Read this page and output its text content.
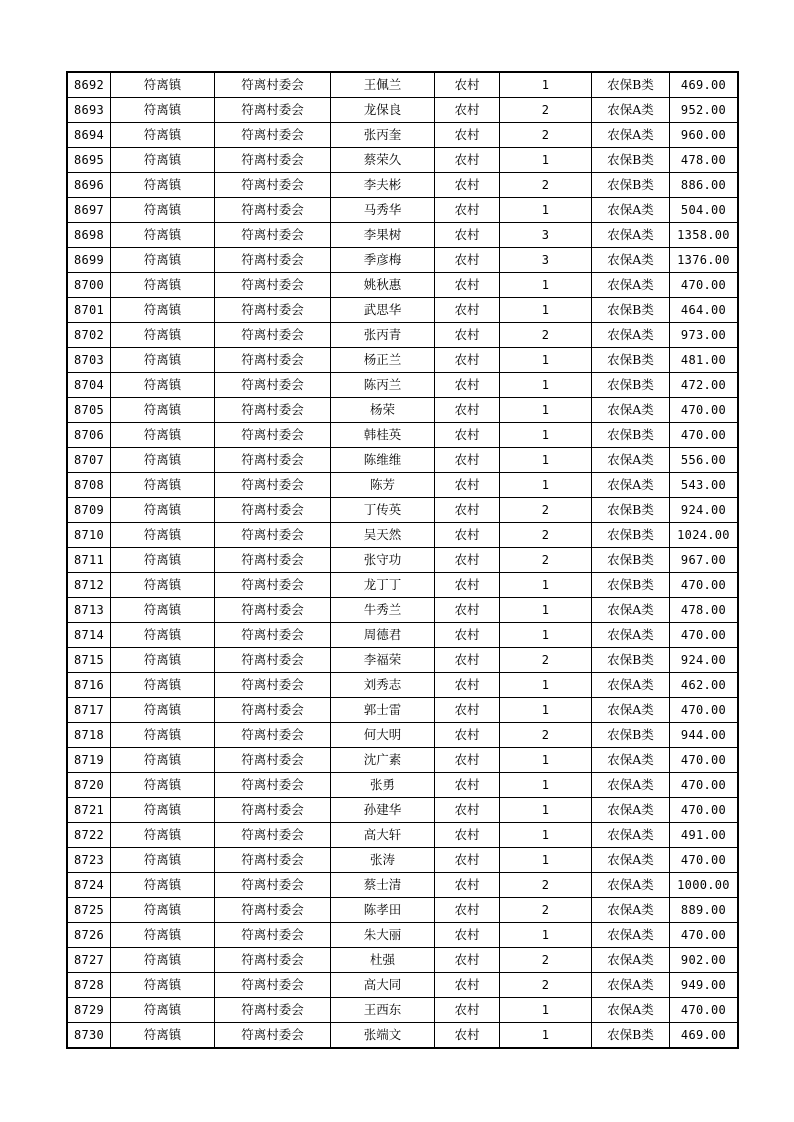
8692	符离镇	符离村委会	王佩兰	农村	1	农保B类	469.00
8693	符离镇	符离村委会	龙保良	农村	2	农保A类	952.00
8694	符离镇	符离村委会	张丙奎	农村	2	农保A类	960.00
8695	符离镇	符离村委会	蔡荣久	农村	1	农保B类	478.00
8696	符离镇	符离村委会	李夫彬	农村	2	农保B类	886.00
8697	符离镇	符离村委会	马秀华	农村	1	农保A类	504.00
8698	符离镇	符离村委会	李果树	农村	3	农保A类	1358.00
8699	符离镇	符离村委会	季彦梅	农村	3	农保A类	1376.00
8700	符离镇	符离村委会	姚秋惠	农村	1	农保A类	470.00
8701	符离镇	符离村委会	武思华	农村	1	农保B类	464.00
8702	符离镇	符离村委会	张丙青	农村	2	农保A类	973.00
8703	符离镇	符离村委会	杨正兰	农村	1	农保B类	481.00
8704	符离镇	符离村委会	陈丙兰	农村	1	农保B类	472.00
8705	符离镇	符离村委会	杨荣	农村	1	农保A类	470.00
8706	符离镇	符离村委会	韩桂英	农村	1	农保B类	470.00
8707	符离镇	符离村委会	陈维维	农村	1	农保A类	556.00
8708	符离镇	符离村委会	陈芳	农村	1	农保A类	543.00
8709	符离镇	符离村委会	丁传英	农村	2	农保B类	924.00
8710	符离镇	符离村委会	吴天然	农村	2	农保B类	1024.00
8711	符离镇	符离村委会	张守功	农村	2	农保B类	967.00
8712	符离镇	符离村委会	龙丁丁	农村	1	农保B类	470.00
8713	符离镇	符离村委会	牛秀兰	农村	1	农保A类	478.00
8714	符离镇	符离村委会	周德君	农村	1	农保A类	470.00
8715	符离镇	符离村委会	李福荣	农村	2	农保B类	924.00
8716	符离镇	符离村委会	刘秀志	农村	1	农保A类	462.00
8717	符离镇	符离村委会	郭士雷	农村	1	农保A类	470.00
8718	符离镇	符离村委会	何大明	农村	2	农保B类	944.00
8719	符离镇	符离村委会	沈广素	农村	1	农保A类	470.00
8720	符离镇	符离村委会	张勇	农村	1	农保A类	470.00
8721	符离镇	符离村委会	孙建华	农村	1	农保A类	470.00
8722	符离镇	符离村委会	高大轩	农村	1	农保A类	491.00
8723	符离镇	符离村委会	张涛	农村	1	农保A类	470.00
8724	符离镇	符离村委会	蔡士清	农村	2	农保A类	1000.00
8725	符离镇	符离村委会	陈孝田	农村	2	农保A类	889.00
8726	符离镇	符离村委会	朱大丽	农村	1	农保A类	470.00
8727	符离镇	符离村委会	杜强	农村	2	农保A类	902.00
8728	符离镇	符离村委会	高大同	农村	2	农保A类	949.00
8729	符离镇	符离村委会	王西东	农村	1	农保A类	470.00
8730	符离镇	符离村委会	张端文	农村	1	农保B类	469.00
